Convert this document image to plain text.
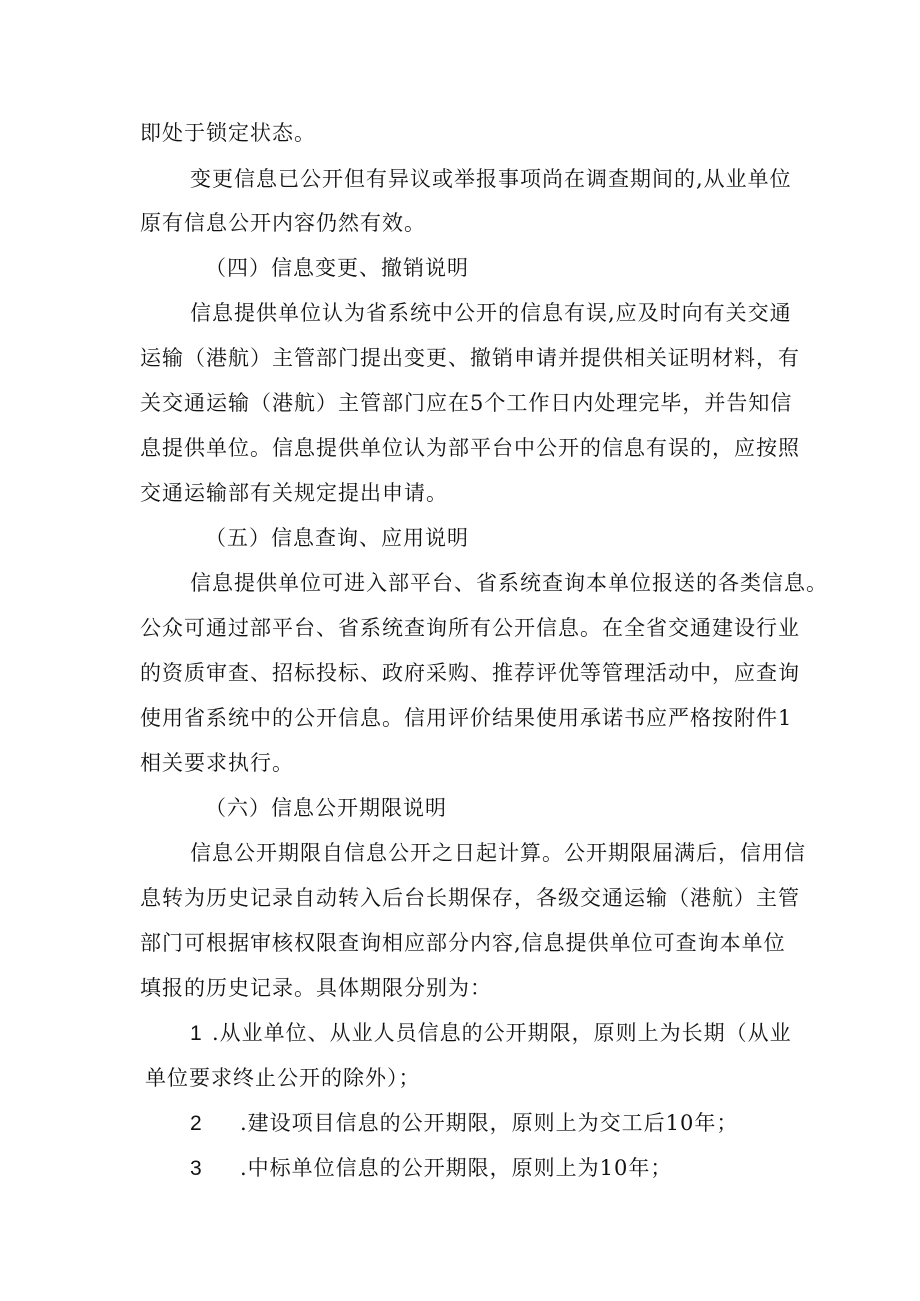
即处于锁定状态。
变更信息已公开但有异议或举报事项尚在调查期间的,从业单位
原有信息公开内容仍然有效。
（四）信息变更、撤销说明
信息提供单位认为省系统中公开的信息有误,应及时向有关交通
运输（港航）主管部门提出变更、撤销申请并提供相关证明材料，有
关交通运输（港航）主管部门应在5个工作日内处理完毕，并告知信
息提供单位。信息提供单位认为部平台中公开的信息有误的，应按照
交通运输部有关规定提出申请。
（五）信息查询、应用说明
信息提供单位可进入部平台、省系统查询本单位报送的各类信息。
公众可通过部平台、省系统查询所有公开信息。在全省交通建设行业
的资质审查、招标投标、政府采购、推荐评优等管理活动中，应查询
使用省系统中的公开信息。信用评价结果使用承诺书应严格按附件1
相关要求执行。
（六）信息公开期限说明
信息公开期限自信息公开之日起计算。公开期限届满后，信用信
息转为历史记录自动转入后台长期保存，各级交通运输（港航）主管
部门可根据审核权限查询相应部分内容,信息提供单位可查询本单位
填报的历史记录。具体期限分别为：
1 .从业单位、从业人员信息的公开期限，原则上为长期（从业
单位要求终止公开的除外）；
2 .建设项目信息的公开期限，原则上为交工后10年；
3 .中标单位信息的公开期限，原则上为10年；
